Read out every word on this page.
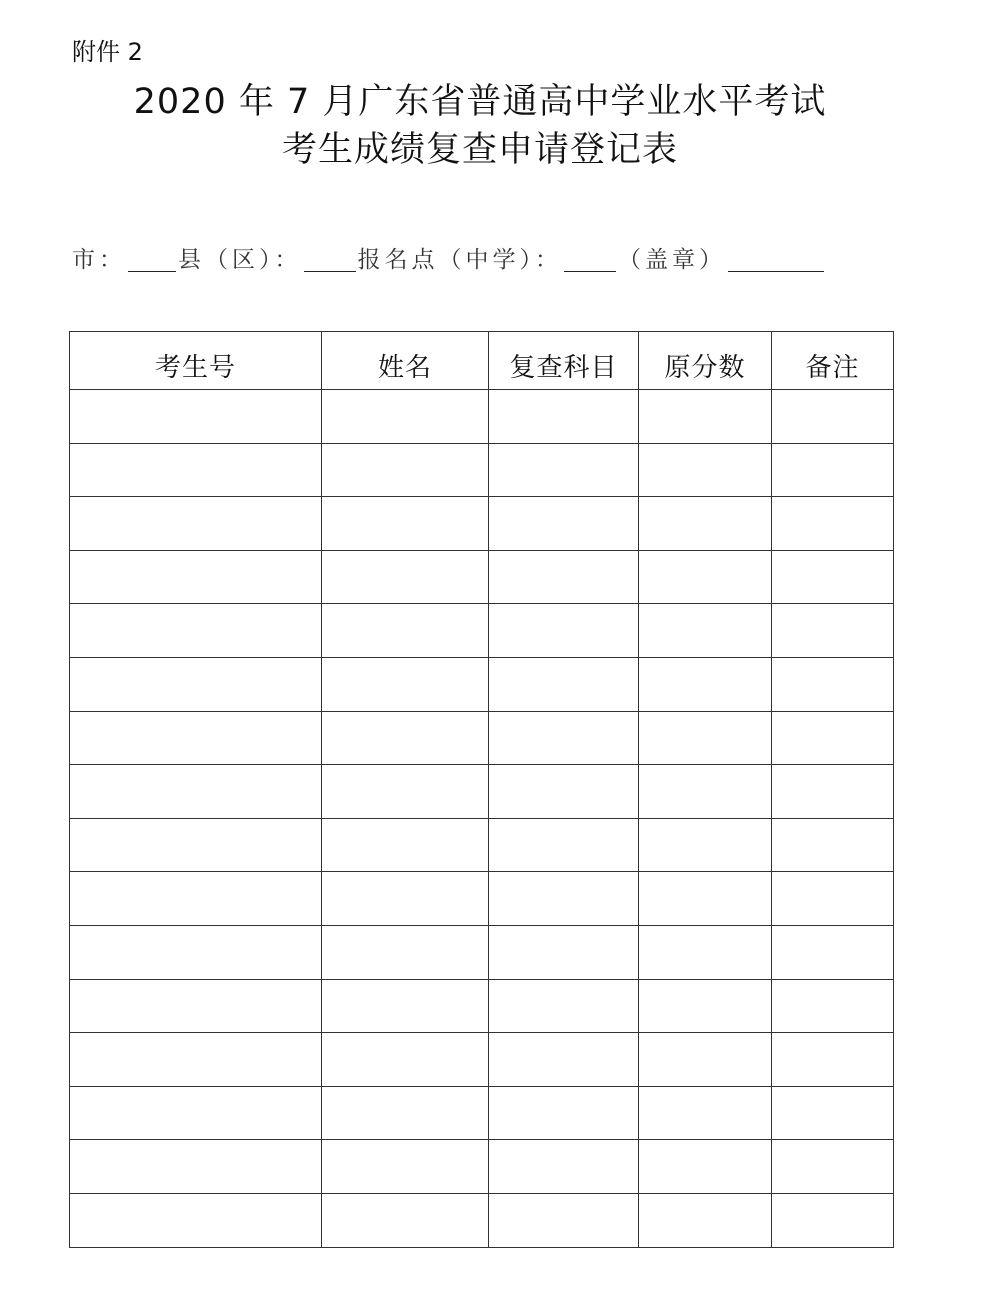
附件 2
2020 年 7 月广东省普通高中学业水平考试
考生成绩复查申请登记表
市： 县（区）： 报名点（中学）： （盖章）
考生号	姓名	复查科目	原分数	备注
